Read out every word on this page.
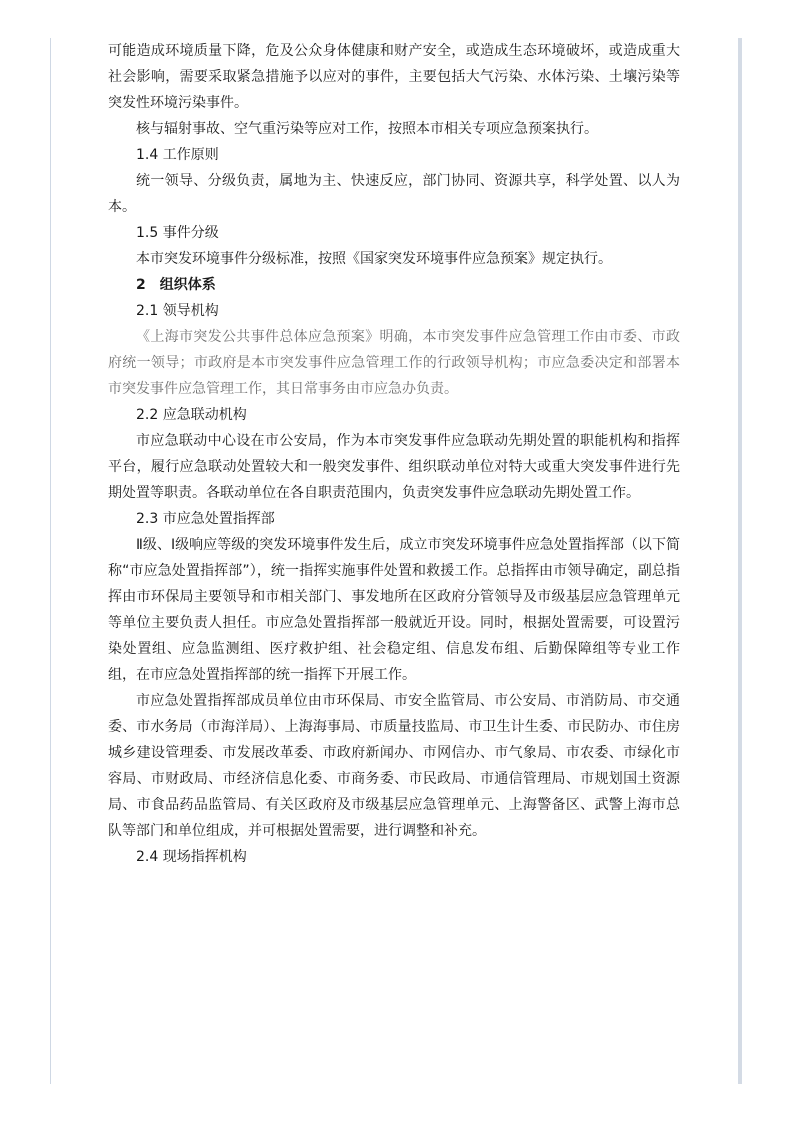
可能造成环境质量下降，危及公众身体健康和财产安全，或造成生态环境破坏，或造成重大社会影响，需要采取紧急措施予以应对的事件，主要包括大气污染、水体污染、土壤污染等突发性环境污染事件。

核与辐射事故、空气重污染等应对工作，按照本市相关专项应急预案执行。

1.4 工作原则

统一领导、分级负责，属地为主、快速反应，部门协同、资源共享，科学处置、以人为本。

1.5 事件分级

本市突发环境事件分级标准，按照《国家突发环境事件应急预案》规定执行。

2　组织体系

2.1 领导机构

《上海市突发公共事件总体应急预案》明确，本市突发事件应急管理工作由市委、市政府统一领导；市政府是本市突发事件应急管理工作的行政领导机构；市应急委决定和部署本市突发事件应急管理工作，其日常事务由市应急办负责。

2.2 应急联动机构

市应急联动中心设在市公安局，作为本市突发事件应急联动先期处置的职能机构和指挥平台，履行应急联动处置较大和一般突发事件、组织联动单位对特大或重大突发事件进行先期处置等职责。各联动单位在各自职责范围内，负责突发事件应急联动先期处置工作。

2.3 市应急处置指挥部

Ⅱ级、Ⅰ级响应等级的突发环境事件发生后，成立市突发环境事件应急处置指挥部（以下简称“市应急处置指挥部”），统一指挥实施事件处置和救援工作。总指挥由市领导确定，副总指挥由市环保局主要领导和市相关部门、事发地所在区政府分管领导及市级基层应急管理单元等单位主要负责人担任。市应急处置指挥部一般就近开设。同时，根据处置需要，可设置污染处置组、应急监测组、医疗救护组、社会稳定组、信息发布组、后勤保障组等专业工作组，在市应急处置指挥部的统一指挥下开展工作。

市应急处置指挥部成员单位由市环保局、市安全监管局、市公安局、市消防局、市交通委、市水务局（市海洋局）、上海海事局、市质量技监局、市卫生计生委、市民防办、市住房城乡建设管理委、市发展改革委、市政府新闻办、市网信办、市气象局、市农委、市绿化市容局、市财政局、市经济信息化委、市商务委、市民政局、市通信管理局、市规划国土资源局、市食品药品监管局、有关区政府及市级基层应急管理单元、上海警备区、武警上海市总队等部门和单位组成，并可根据处置需要，进行调整和补充。

2.4 现场指挥机构
